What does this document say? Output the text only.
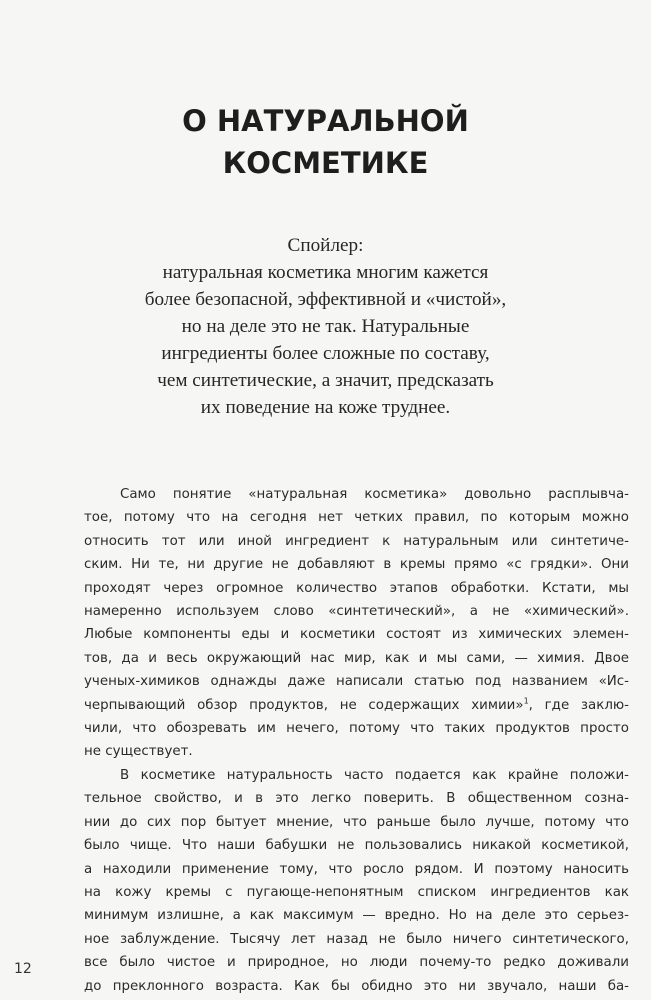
О НАТУРАЛЬНОЙ
КОСМЕТИКЕ
Спойлер:
натуральная косметика многим кажется
более безопасной, эффективной и «чистой»,
но на деле это не так. Натуральные
ингредиенты более сложные по составу,
чем синтетические, а значит, предсказать
их поведение на коже труднее.
Само понятие «натуральная косметика» довольно расплывча-
тое, потому что на сегодня нет четких правил, по которым можно
относить тот или иной ингредиент к натуральным или синтетиче-
ским. Ни те, ни другие не добавляют в кремы прямо «с грядки». Они
проходят через огромное количество этапов обработки. Кстати, мы
намеренно используем слово «синтетический», а не «химический».
Любые компоненты еды и косметики состоят из химических элемен-
тов, да и весь окружающий нас мир, как и мы сами, — химия. Двое
ученых-химиков однажды даже написали статью под названием «Ис-
черпывающий обзор продуктов, не содержащих химии»$^1$, где заклю-
чили, что обозревать им нечего, потому что таких продуктов просто
не существует.
В косметике натуральность часто подается как крайне положи-
тельное свойство, и в это легко поверить. В общественном созна-
нии до сих пор бытует мнение, что раньше было лучше, потому что
было чище. Что наши бабушки не пользовались никакой косметикой,
а находили применение тому, что росло рядом. И поэтому наносить
на кожу кремы с пугающе-непонятным списком ингредиентов как
минимум излишне, а как максимум — вредно. Но на деле это серьез-
ное заблуждение. Тысячу лет назад не было ничего синтетического,
все было чистое и природное, но люди почему-то редко доживали
до преклонного возраста. Как бы обидно это ни звучало, наши ба-
12
